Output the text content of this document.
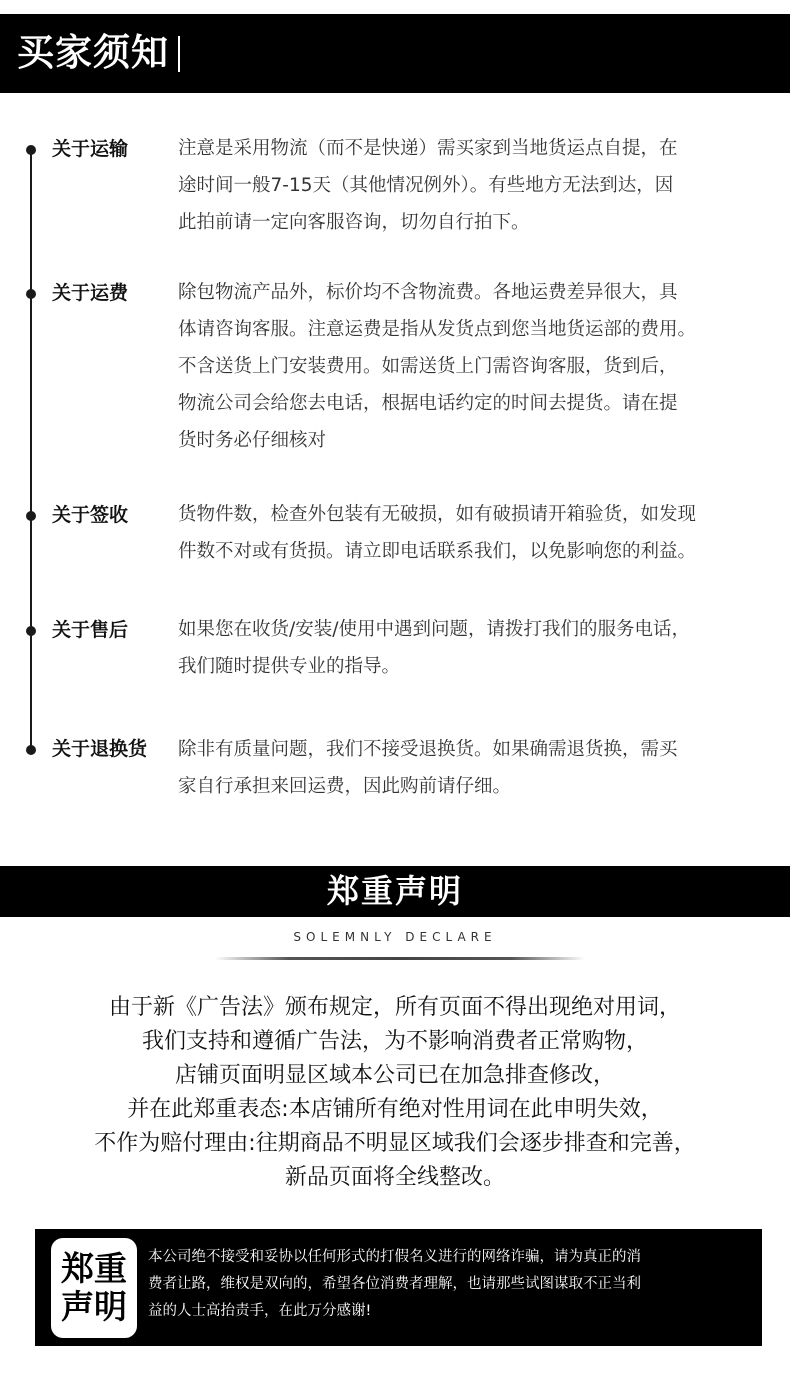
买家须知
关于运输	注意是采用物流（而不是快递）需买家到当地货运点自提，在
途时间一般7-15天（其他情况例外）。有些地方无法到达，因
此拍前请一定向客服咨询，切勿自行拍下。
关于运费	除包物流产品外，标价均不含物流费。各地运费差异很大，具
体请咨询客服。注意运费是指从发货点到您当地货运部的费用。
不含送货上门安装费用。如需送货上门需咨询客服，货到后，
物流公司会给您去电话，根据电话约定的时间去提货。请在提
货时务必仔细核对
关于签收	货物件数，检查外包装有无破损，如有破损请开箱验货，如发现
件数不对或有货损。请立即电话联系我们，以免影响您的利益。
关于售后	如果您在收货/安装/使用中遇到问题，请拨打我们的服务电话，
我们随时提供专业的指导。
关于退换货 除非有质量问题，我们不接受退换货。如果确需退货换，需买
家自行承担来回运费，因此购前请仔细。
郑重声明
SOLEMNLY DECLARE
由于新《广告法》颁布规定，所有页面不得出现绝对用词，
我们支持和遵循广告法，为不影响消费者正常购物，
店铺页面明显区域本公司已在加急排查修改，
并在此郑重表态:本店铺所有绝对性用词在此申明失效，
不作为赔付理由:往期商品不明显区域我们会逐步排查和完善，
新品页面将全线整改。
郑重
声明
本公司绝不接受和妥协以任何形式的打假名义进行的网络诈骗，请为真正的消
费者让路，维权是双向的，希望各位消费者理解，也请那些试图谋取不正当利
益的人士高抬责手，在此万分感谢!
